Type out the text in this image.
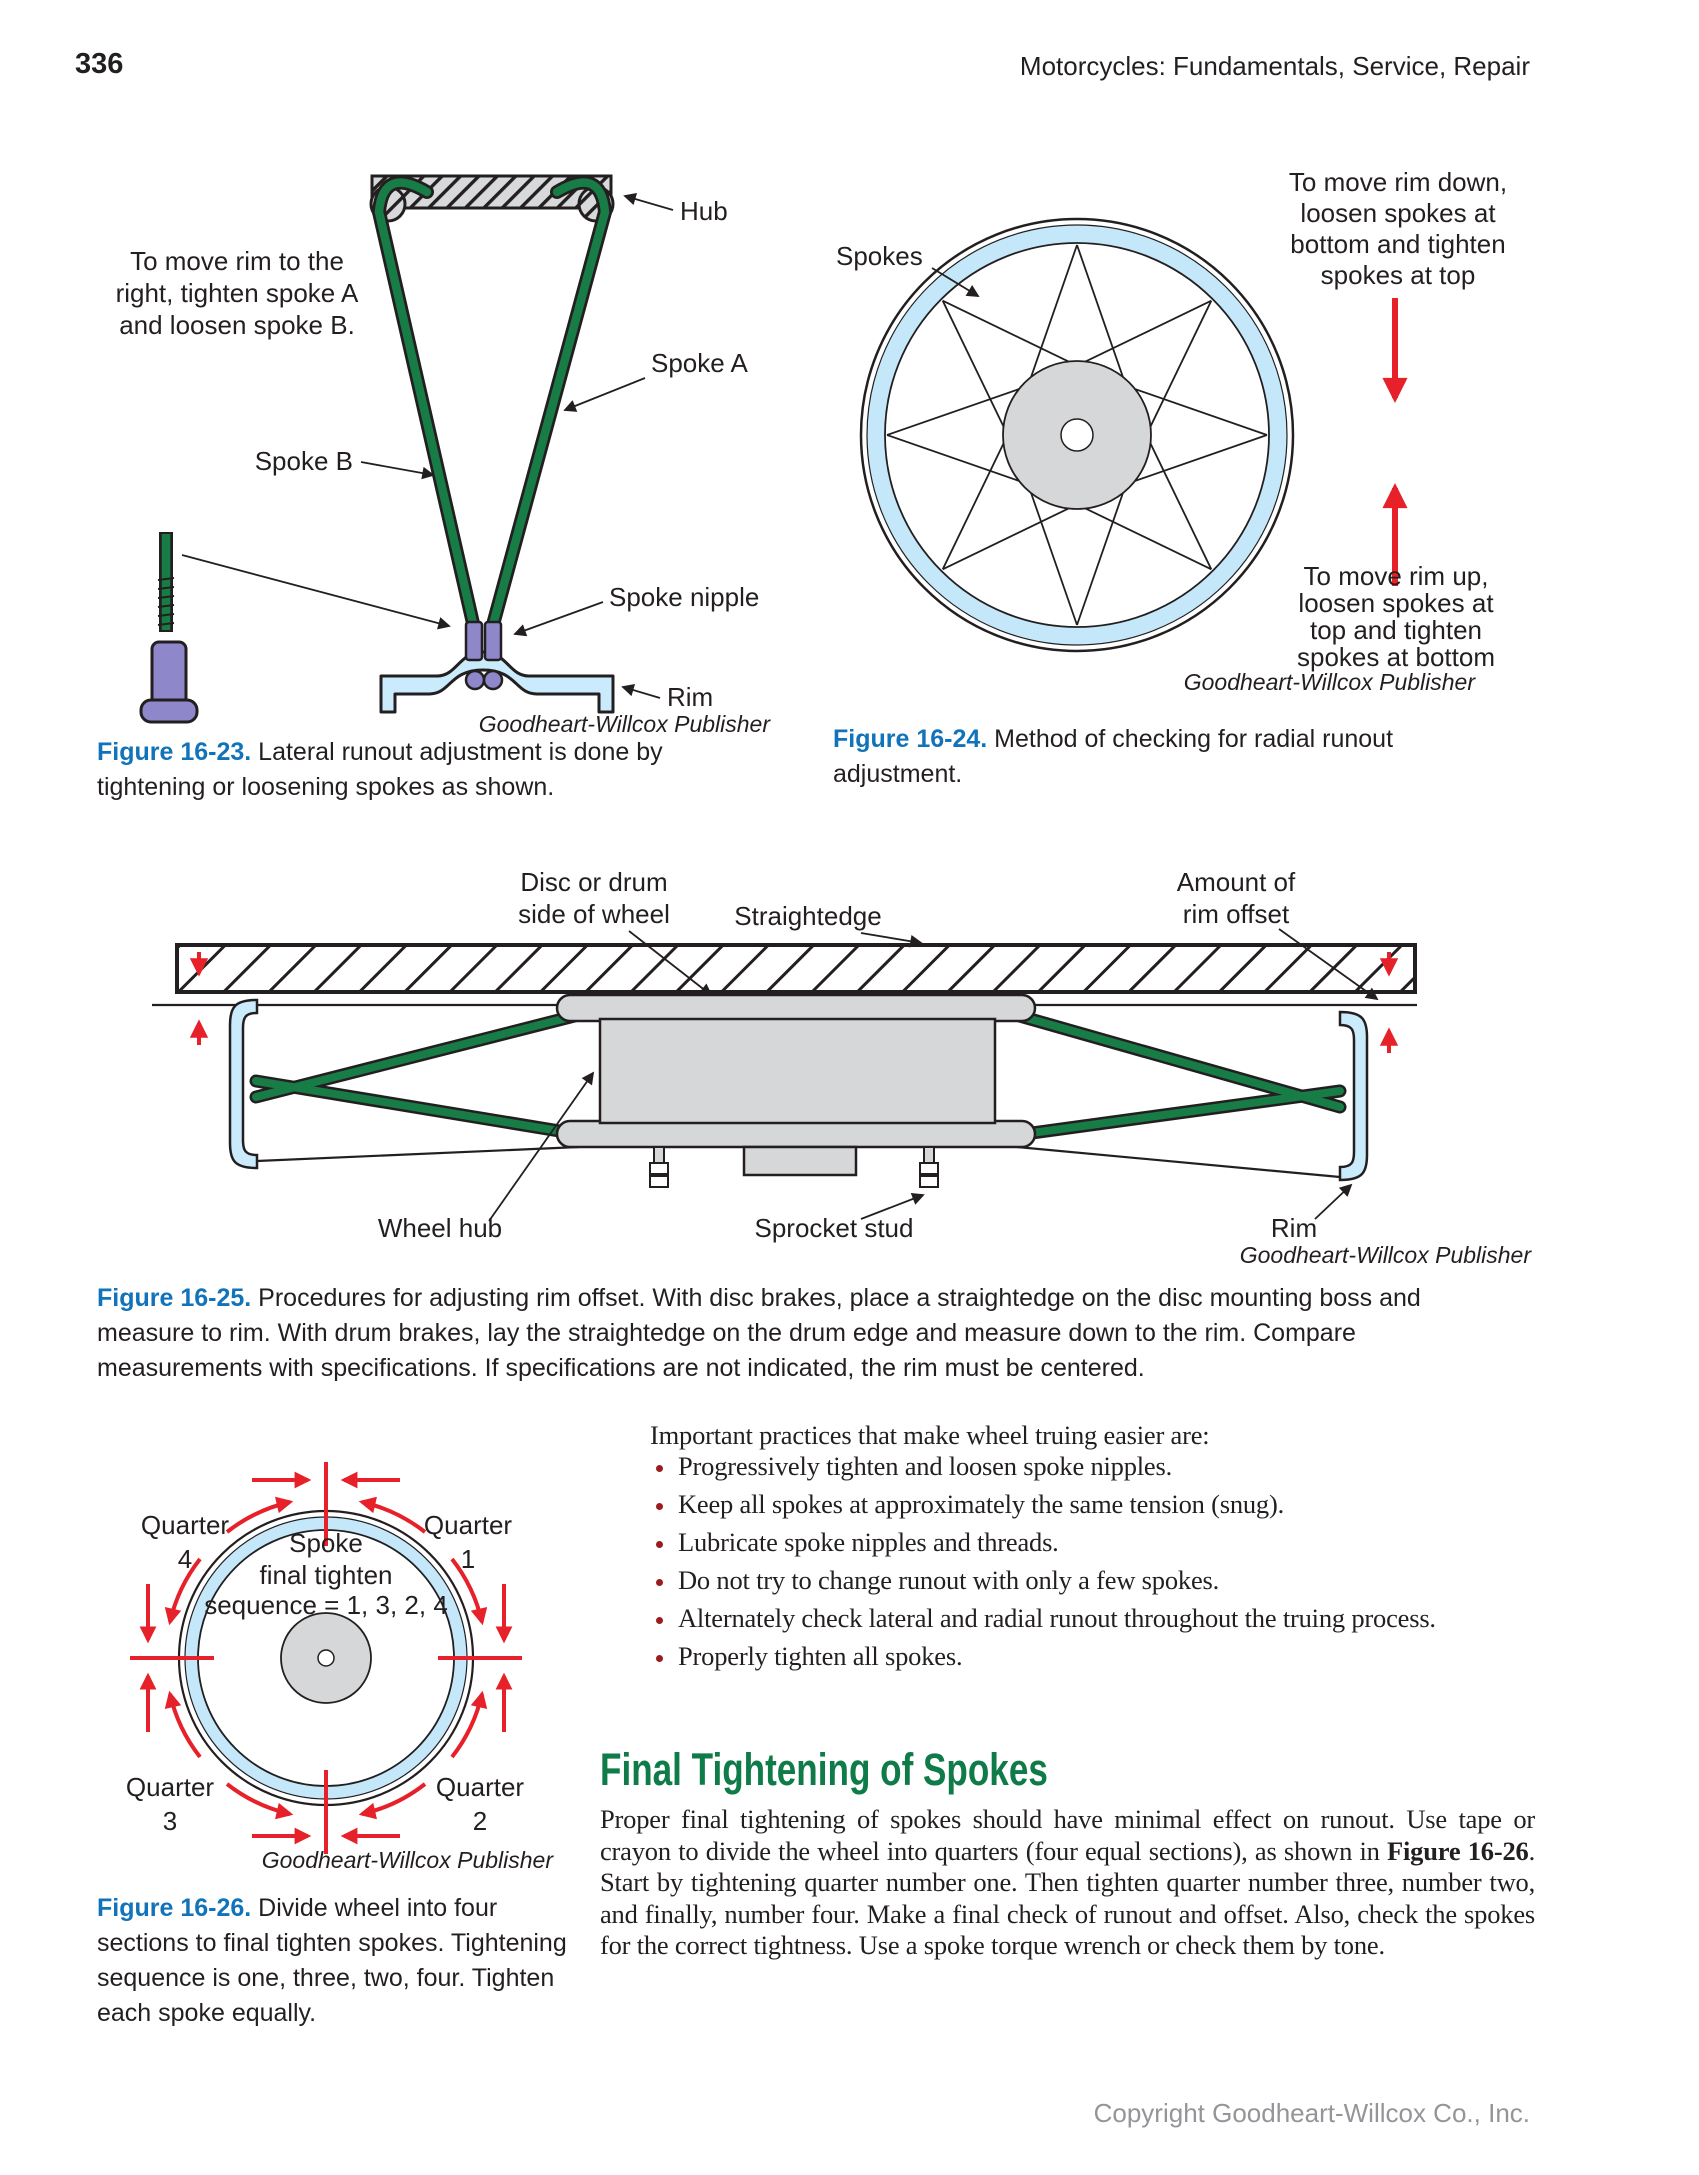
336	Motorcycles: Fundamentals, Service, Repair
To move rim to the
right, tighten spoke A
and loosen spoke B.
Hub
Spoke A
Spoke B
Spoke nipple
Rim
Goodheart-Willcox Publisher
Figure 16-23. Lateral runout adjustment is done by tightening or loosening spokes as shown.
Spokes
To move rim down,
loosen spokes at
bottom and tighten
spokes at top
To move rim up,
loosen spokes at
top and tighten
spokes at bottom
Goodheart-Willcox Publisher
Figure 16-24. Method of checking for radial runout adjustment.
Disc or drum
side of wheel Straightedge
Amount of
rim offset
Wheel hub	Sprocket stud	Rim
Goodheart-Willcox Publisher
Figure 16-25. Procedures for adjusting rim offset. With disc brakes, place a straightedge on the disc mounting boss and measure to rim. With drum brakes, lay the straightedge on the drum edge and measure down to the rim. Compare measurements with specifications. If specifications are not indicated, the rim must be centered.
Quarter
4
Quarter
1
Quarter
3
Quarter
2
Spoke
final tighten
sequence = 1, 3, 2, 4
Goodheart-Willcox Publisher
Figure 16-26. Divide wheel into four sections to final tighten spokes. Tightening sequence is one, three, two, four. Tighten each spoke equally.
Important practices that make wheel truing easier are:
• Progressively tighten and loosen spoke nipples.
• Keep all spokes at approximately the same tension (snug).
• Lubricate spoke nipples and threads.
• Do not try to change runout with only a few spokes.
• Alternately check lateral and radial runout throughout the truing process.
• Properly tighten all spokes.
Final Tightening of Spokes
Proper final tightening of spokes should have minimal effect on runout. Use tape or crayon to divide the wheel into quarters (four equal sections), as shown in Figure 16-26. Start by tightening quarter number one. Then tighten quarter number three, number two, and finally, number four. Make a final check of runout and offset. Also, check the spokes for the correct tightness. Use a spoke torque wrench or check them by tone.
Copyright Goodheart-Willcox Co., Inc.
